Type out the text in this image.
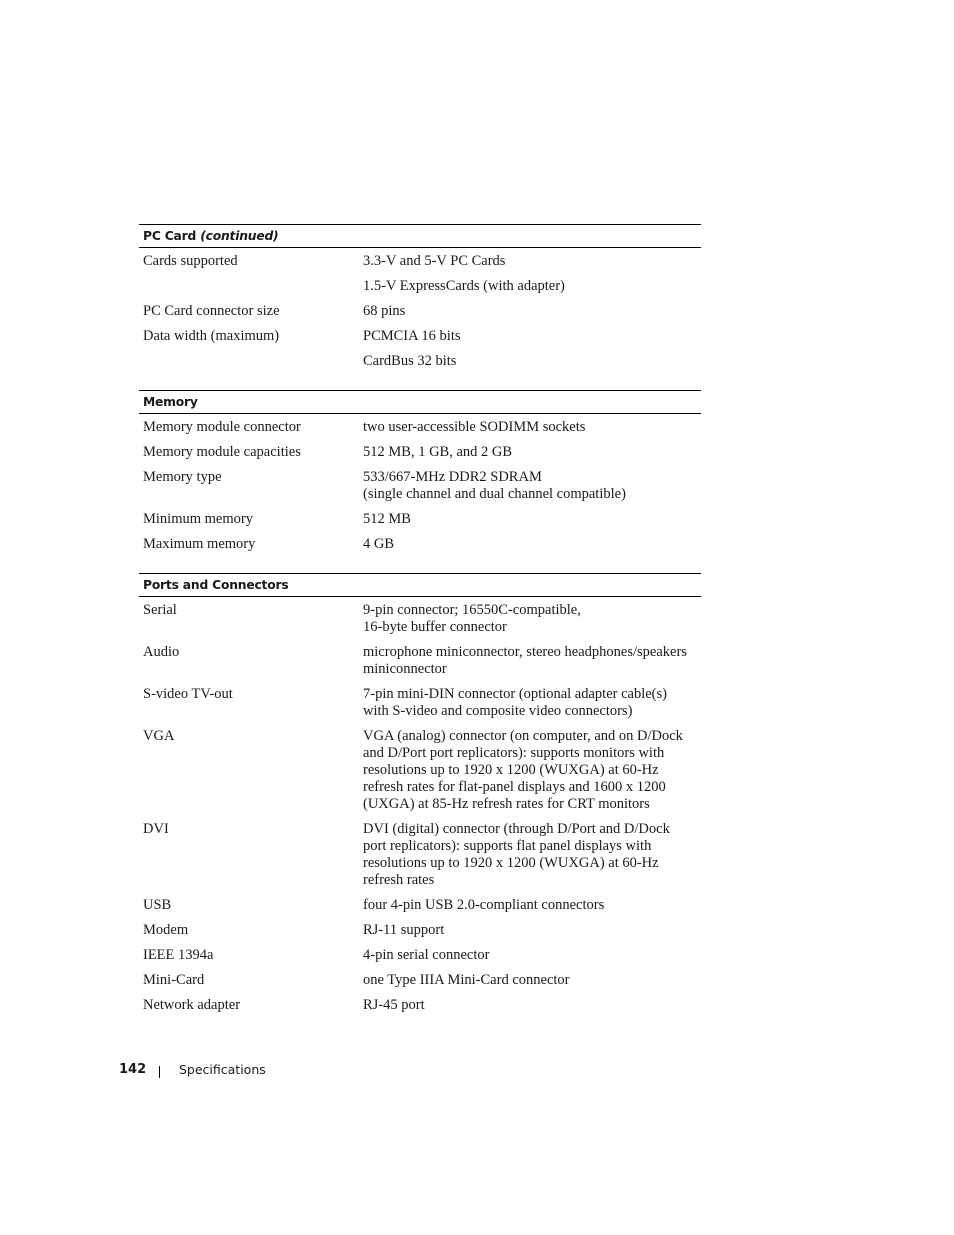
PC Card (continued)
Cards supported	3.3-V and 5-V PC Cards
1.5-V ExpressCards (with adapter)
PC Card connector size	68 pins
Data width (maximum)	PCMCIA 16 bits
CardBus 32 bits
Memory
Memory module connector	two user-accessible SODIMM sockets
Memory module capacities	512 MB, 1 GB, and 2 GB
Memory type	533/667-MHz DDR2 SDRAM
(single channel and dual channel compatible)
Minimum memory	512 MB
Maximum memory	4 GB
Ports and Connectors
Serial	9-pin connector; 16550C-compatible,
16-byte buffer connector
Audio	microphone miniconnector, stereo headphones/speakers
miniconnector
S-video TV-out	7-pin mini-DIN connector (optional adapter cable(s)
with S-video and composite video connectors)
VGA	VGA (analog) connector (on computer, and on D/Dock
and D/Port port replicators): supports monitors with
resolutions up to 1920 x 1200 (WUXGA) at 60-Hz
refresh rates for flat-panel displays and 1600 x 1200
(UXGA) at 85-Hz refresh rates for CRT monitors
DVI	DVI (digital) connector (through D/Port and D/Dock
port replicators): supports flat panel displays with
resolutions up to 1920 x 1200 (WUXGA) at 60-Hz
refresh rates
USB	four 4-pin USB 2.0-compliant connectors
Modem	RJ-11 support
IEEE 1394a	4-pin serial connector
Mini-Card	one Type IIIA Mini-Card connector
Network adapter	RJ-45 port
142	Specifications
